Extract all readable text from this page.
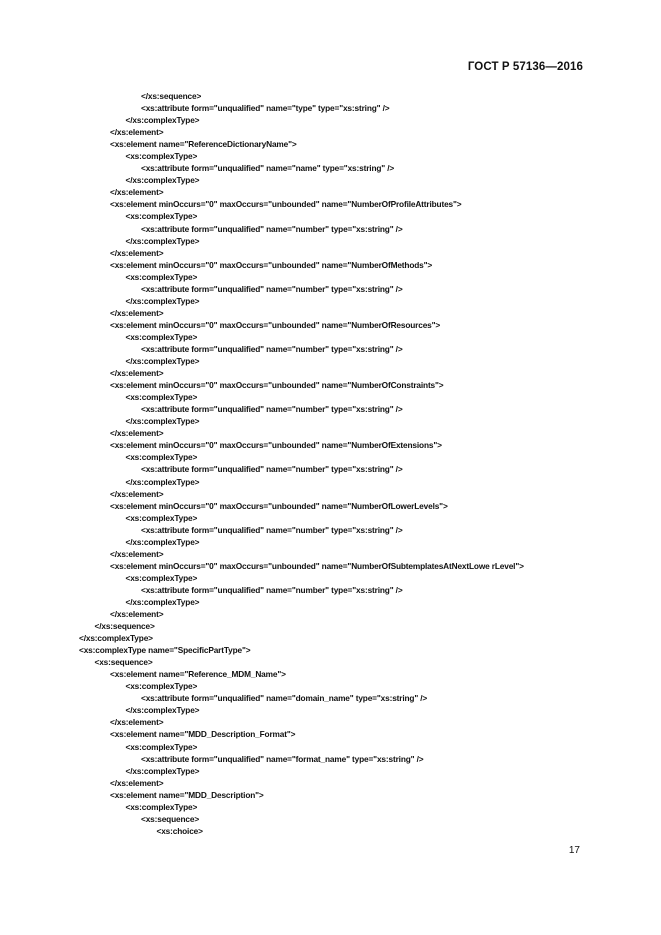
ГОСТ Р 57136—2016
</xs:sequence>
<xs:attribute form="unqualified" name="type" type="xs:string" />
</xs:complexType>
</xs:element>
<xs:element name="ReferenceDictionaryName">
<xs:complexType>
<xs:attribute form="unqualified" name="name" type="xs:string" />
</xs:complexType>
</xs:element>
<xs:element minOccurs="0" maxOccurs="unbounded" name="NumberOfProfileAttributes">
<xs:complexType>
<xs:attribute form="unqualified" name="number" type="xs:string" />
</xs:complexType>
</xs:element>
<xs:element minOccurs="0" maxOccurs="unbounded" name="NumberOfMethods">
<xs:complexType>
<xs:attribute form="unqualified" name="number" type="xs:string" />
</xs:complexType>
</xs:element>
<xs:element minOccurs="0" maxOccurs="unbounded" name="NumberOfResources">
<xs:complexType>
<xs:attribute form="unqualified" name="number" type="xs:string" />
</xs:complexType>
</xs:element>
<xs:element minOccurs="0" maxOccurs="unbounded" name="NumberOfConstraints">
<xs:complexType>
<xs:attribute form="unqualified" name="number" type="xs:string" />
</xs:complexType>
</xs:element>
<xs:element minOccurs="0" maxOccurs="unbounded" name="NumberOfExtensions">
<xs:complexType>
<xs:attribute form="unqualified" name="number" type="xs:string" />
</xs:complexType>
</xs:element>
<xs:element minOccurs="0" maxOccurs="unbounded" name="NumberOfLowerLevels">
<xs:complexType>
<xs:attribute form="unqualified" name="number" type="xs:string" />
</xs:complexType>
</xs:element>
<xs:element minOccurs="0" maxOccurs="unbounded" name="NumberOfSubtemplatesAtNextLowe rLevel">
<xs:complexType>
<xs:attribute form="unqualified" name="number" type="xs:string" />
</xs:complexType>
</xs:element>
</xs:sequence>
</xs:complexType>
<xs:complexType name="SpecificPartType">
<xs:sequence>
<xs:element name="Reference_MDM_Name">
<xs:complexType>
<xs:attribute form="unqualified" name="domain_name" type="xs:string" />
</xs:complexType>
</xs:element>
<xs:element name="MDD_Description_Format">
<xs:complexType>
<xs:attribute form="unqualified" name="format_name" type="xs:string" />
</xs:complexType>
</xs:element>
<xs:element name="MDD_Description">
<xs:complexType>
<xs:sequence>
<xs:choice>
17
